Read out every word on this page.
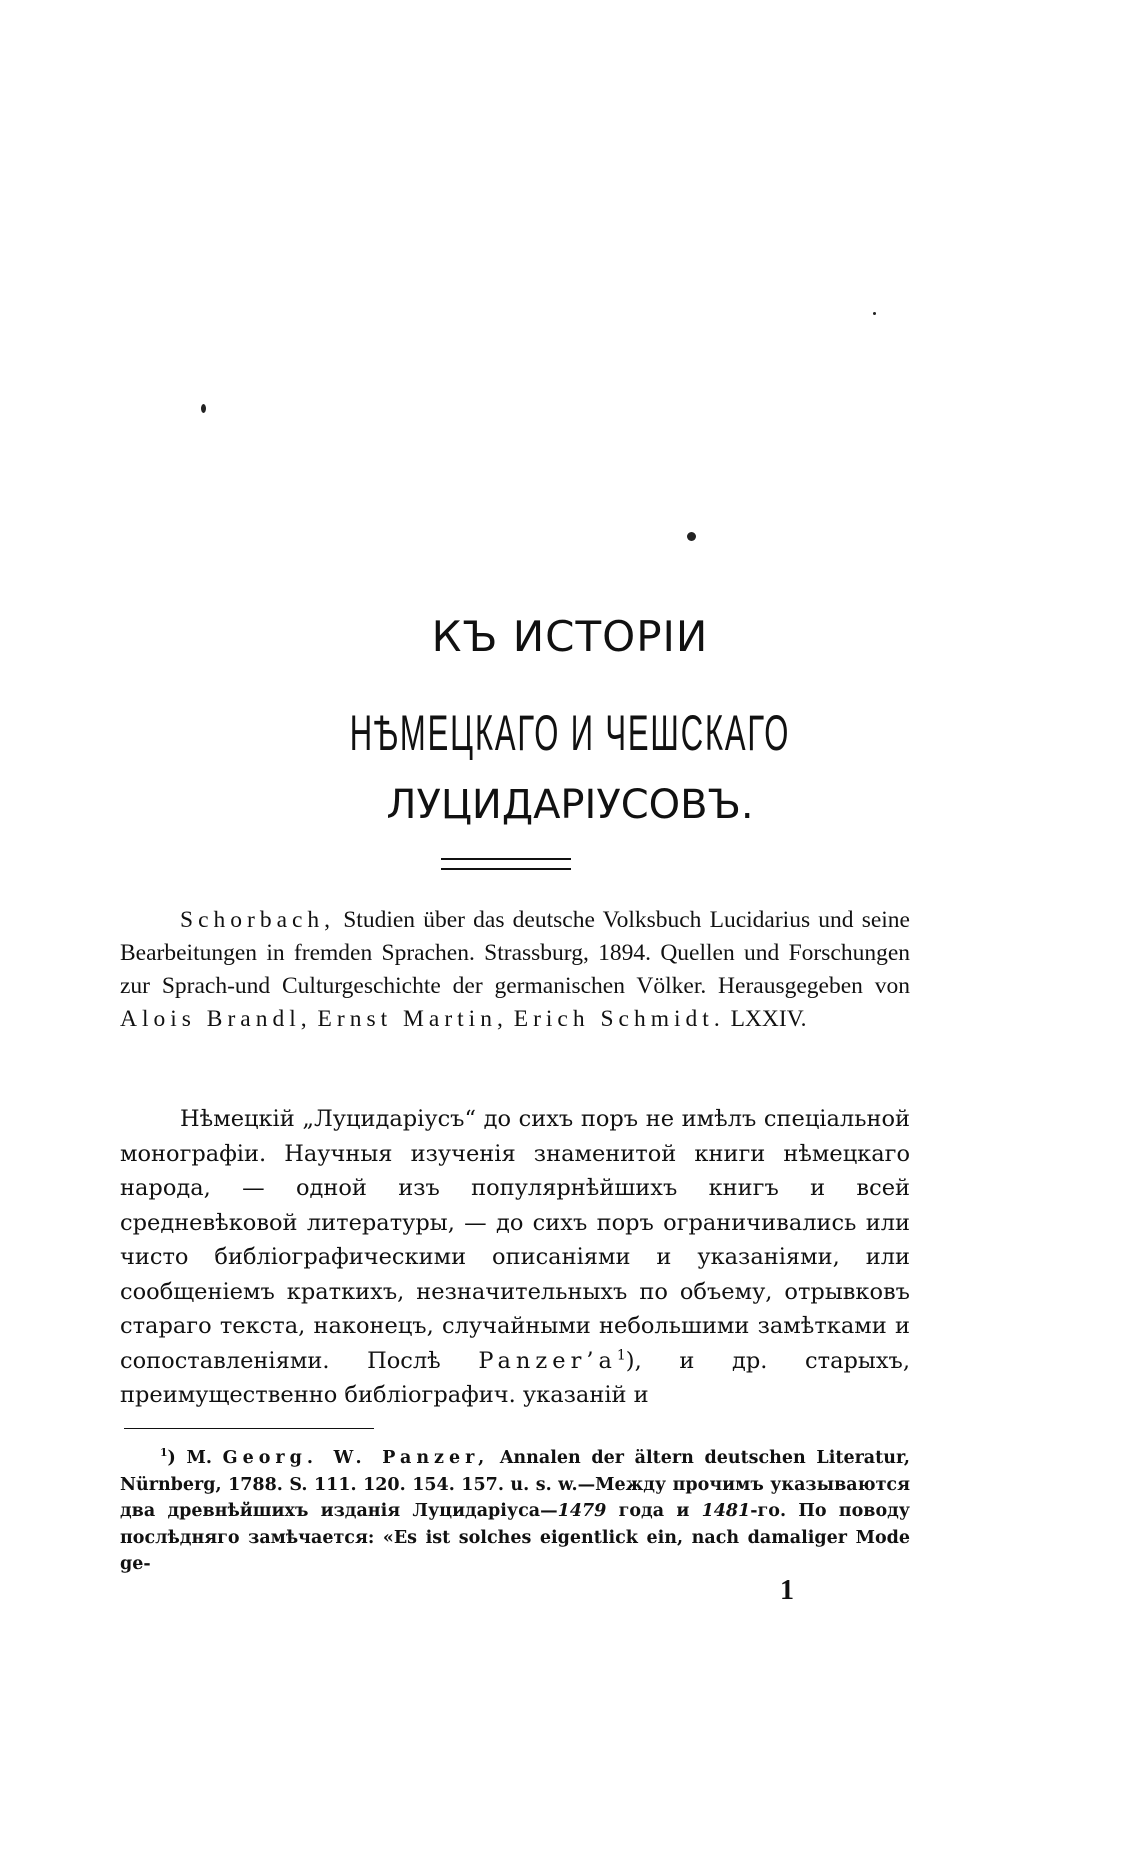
КЪ ИСТОРІИ
НѢМЕЦКАГО И ЧЕШСКАГО
ЛУЦИДАРІУСОВЪ.

Schorbach, Studien über das deutsche Volksbuch Lucidarius und seine Bearbeitungen in fremden Sprachen. Strassburg, 1894. Quellen und Forschungen zur Sprach-und Culturgeschichte der germanischen Völker. Herausgegeben von Alois Brandl, Ernst Martin, Erich Schmidt. LXXIV.

Нѣмецкій „Луцидаріусъ“ до сихъ поръ не имѣлъ спеціальной монографіи. Научныя изученія знаменитой книги нѣмецкаго народа, — одной изъ популярнѣйшихъ книгъ и всей средневѣковой литературы, — до сихъ поръ ограничивались или чисто библіографическими описаніями и указаніями, или сообщеніемъ краткихъ, незначительныхъ по объему, отрывковъ стараго текста, наконецъ, случайными небольшими замѣтками и сопоставленіями. Послѣ $Panzer’a^1$), и др. старыхъ, преимущественно библіографич. указаній и

$^1$) M. Georg. W. Panzer, Annalen der ältern deutschen Literatur, Nürnberg, 1788. S. 111. 120. 154. 157. u. s. w.—Между прочимъ указываются два древнѣйшихъ изданія Луцидаріуса—1479 года и 1481-го. По поводу послѣдняго замѣчается: «Es ist solches eigentlick ein, nach damaliger Mode ge-

1
